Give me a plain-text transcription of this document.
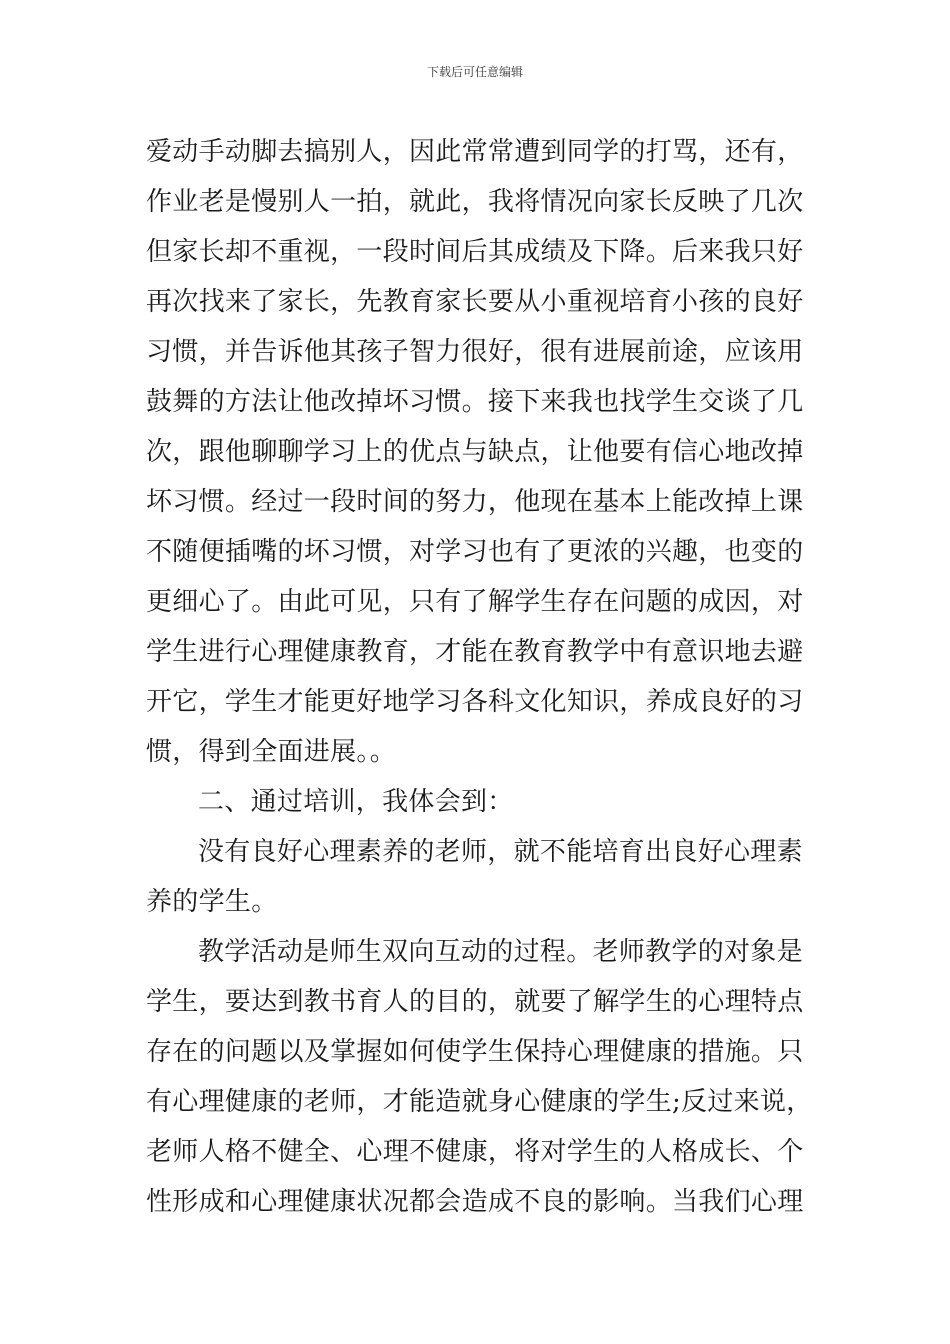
下载后可任意编辑
爱动手动脚去搞别人，因此常常遭到同学的打骂，还有，
作业老是慢别人一拍，就此，我将情况向家长反映了几次
但家长却不重视，一段时间后其成绩及下降。后来我只好
再次找来了家长，先教育家长要从小重视培育小孩的良好
习惯，并告诉他其孩子智力很好，很有进展前途，应该用
鼓舞的方法让他改掉坏习惯。接下来我也找学生交谈了几
次，跟他聊聊学习上的优点与缺点，让他要有信心地改掉
坏习惯。经过一段时间的努力，他现在基本上能改掉上课
不随便插嘴的坏习惯，对学习也有了更浓的兴趣，也变的
更细心了。由此可见，只有了解学生存在问题的成因，对
学生进行心理健康教育，才能在教育教学中有意识地去避
开它，学生才能更好地学习各科文化知识，养成良好的习
惯，得到全面进展。。
二、通过培训，我体会到：
没有良好心理素养的老师，就不能培育出良好心理素
养的学生。
教学活动是师生双向互动的过程。老师教学的对象是
学生，要达到教书育人的目的，就要了解学生的心理特点
存在的问题以及掌握如何使学生保持心理健康的措施。只
有心理健康的老师，才能造就身心健康的学生;反过来说，
老师人格不健全、心理不健康，将对学生的人格成长、个
性形成和心理健康状况都会造成不良的影响。当我们心理
